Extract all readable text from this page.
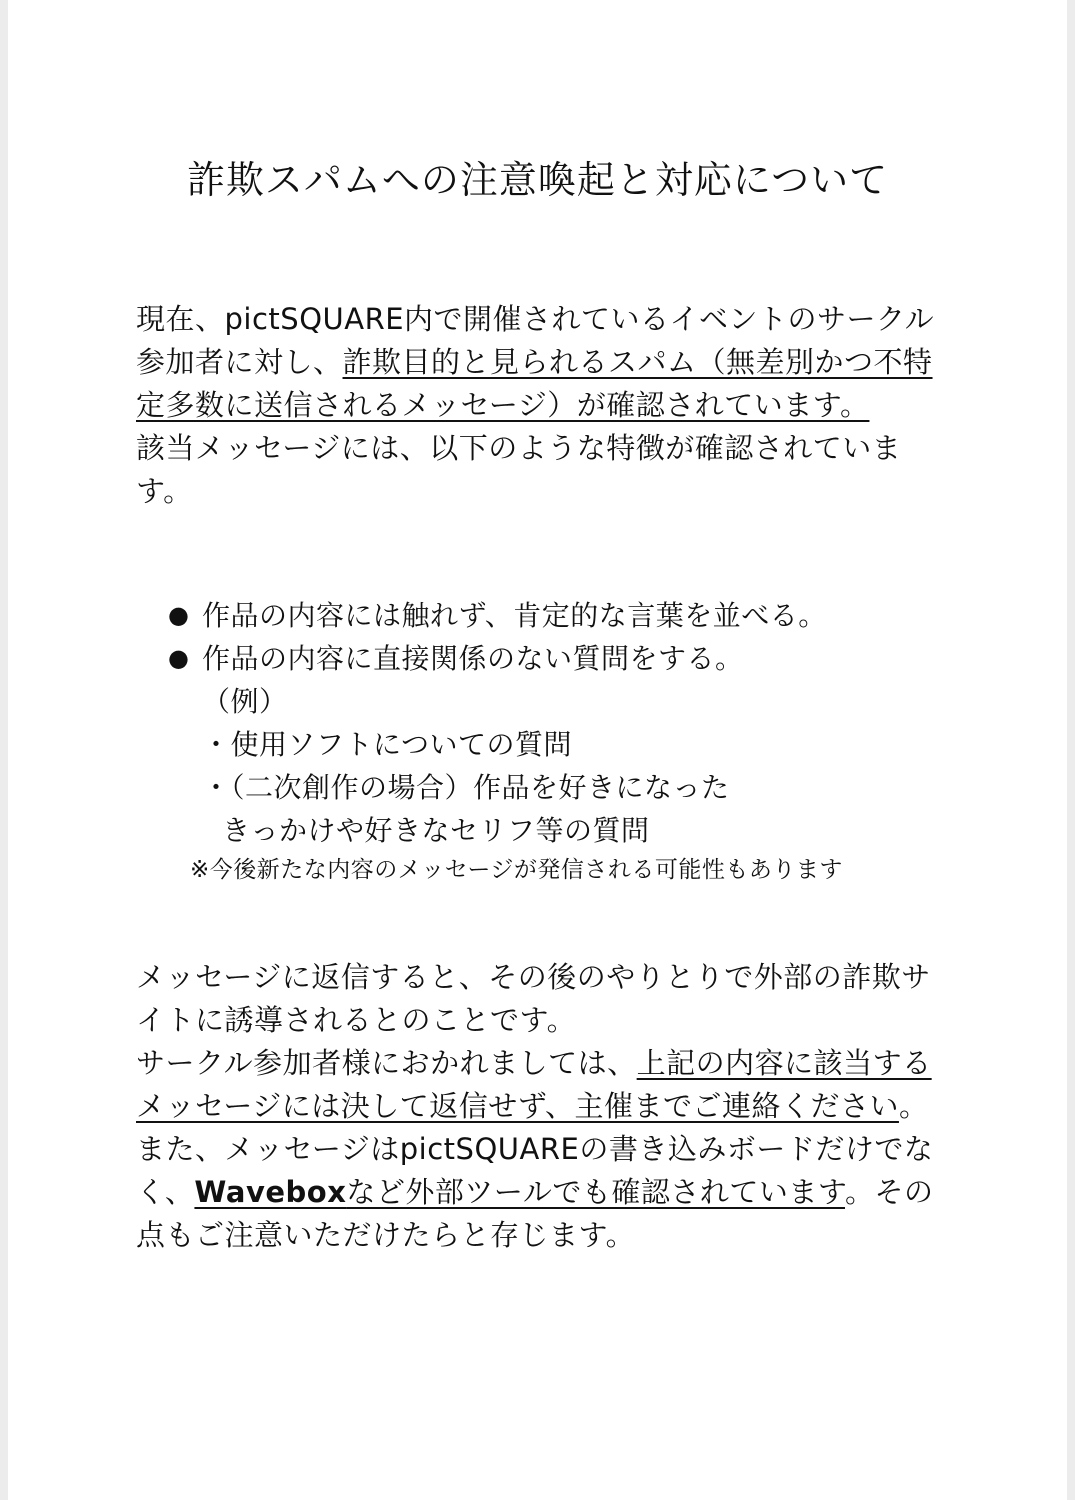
詐欺スパムへの注意喚起と対応について

現在、pictSQUARE内で開催されているイベントのサークル参加者に対し、詐欺目的と見られるスパム（無差別かつ不特定多数に送信されるメッセージ）が確認されています。

該当メッセージには、以下のような特徴が確認されています。

● 作品の内容には触れず、肯定的な言葉を並べる。
● 作品の内容に直接関係のない質問をする。
（例）
・使用ソフトについての質問
・（二次創作の場合）作品を好きになった
きっかけや好きなセリフ等の質問
※今後新たな内容のメッセージが発信される可能性もあります

メッセージに返信すると、その後のやりとりで外部の詐欺サイトに誘導されるとのことです。

サークル参加者様におかれましては、上記の内容に該当するメッセージには決して返信せず、主催までご連絡ください。

また、メッセージはpictSQUAREの書き込みボードだけでなく、Waveboxなど外部ツールでも確認されています。その点もご注意いただけたらと存じます。
